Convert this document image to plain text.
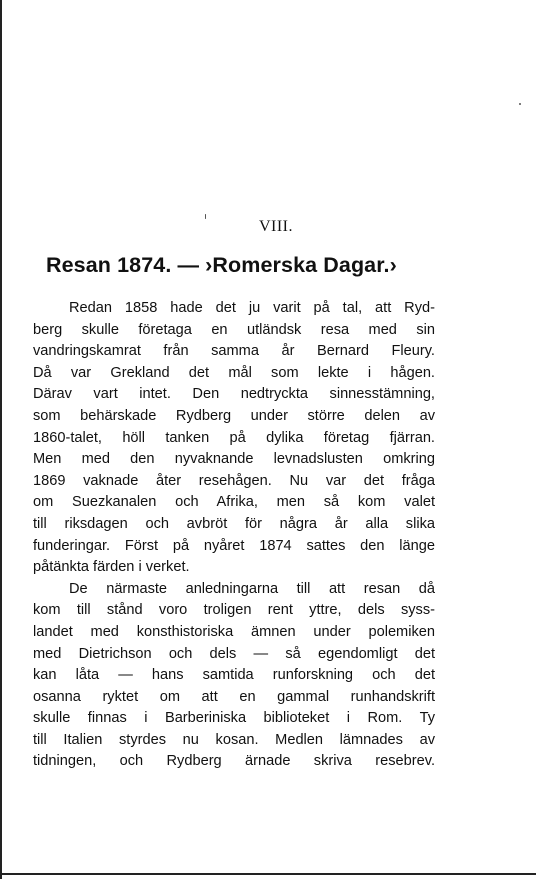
VIII.
Resan 1874. — ›Romerska Dagar.›
Redan 1858 hade det ju varit på tal, att Ryd-
berg skulle företaga en utländsk resa med sin
vandringskamrat från samma år Bernard Fleury.
Då var Grekland det mål som lekte i hågen.
Därav vart intet. Den nedtryckta sinnesstämning,
som behärskade Rydberg under större delen av
1860-talet, höll tanken på dylika företag fjärran.
Men med den nyvaknande levnadslusten omkring
1869 vaknade åter resehågen. Nu var det fråga
om Suezkanalen och Afrika, men så kom valet
till riksdagen och avbröt för några år alla slika
funderingar. Först på nyåret 1874 sattes den länge
påtänkta färden i verket.
De närmaste anledningarna till att resan då
kom till stånd voro troligen rent yttre, dels syss-
landet med konsthistoriska ämnen under polemiken
med Dietrichson och dels — så egendomligt det
kan låta — hans samtida runforskning och det
osanna ryktet om att en gammal runhandskrift
skulle finnas i Barberiniska biblioteket i Rom. Ty
till Italien styrdes nu kosan. Medlen lämnades av
tidningen, och Rydberg ärnade skriva resebrev.
